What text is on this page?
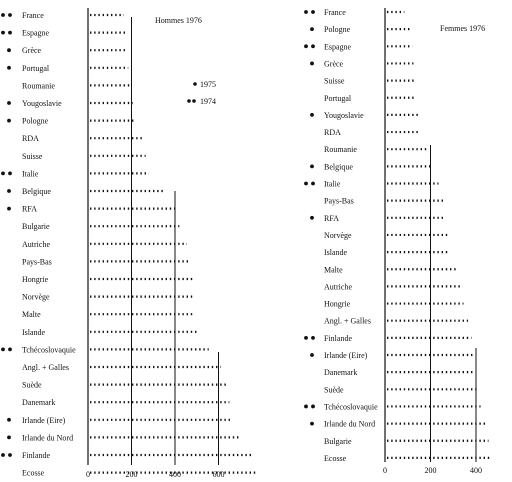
Hommes 1976
1975
1974
0	200	400	600
France
Espagne
Grèce
Portugal
Roumanie
Yougoslavie
Pologne
RDA
Suisse
Italie
Belgique
RFA
Bulgarie
Autriche
Pays-Bas
Hongrie
Norvège
Malte
Islande
Tchécoslovaquie
Angl. + Galles
Suède
Danemark
Irlande (Eire)
Irlande du Nord
Finlande
Ecosse
Femmes 1976
0	200	400
France
Pologne
Espagne
Grèce
Suisse
Portugal
Yougoslavie
RDA
Roumanie
Belgique
Italie
Pays-Bas
RFA
Norvège
Islande
Malte
Autriche
Hongrie
Angl. + Galles
Finlande
Irlande (Eire)
Danemark
Suède
Tchécoslovaquie
Irlande du Nord
Bulgarie
Ecosse
